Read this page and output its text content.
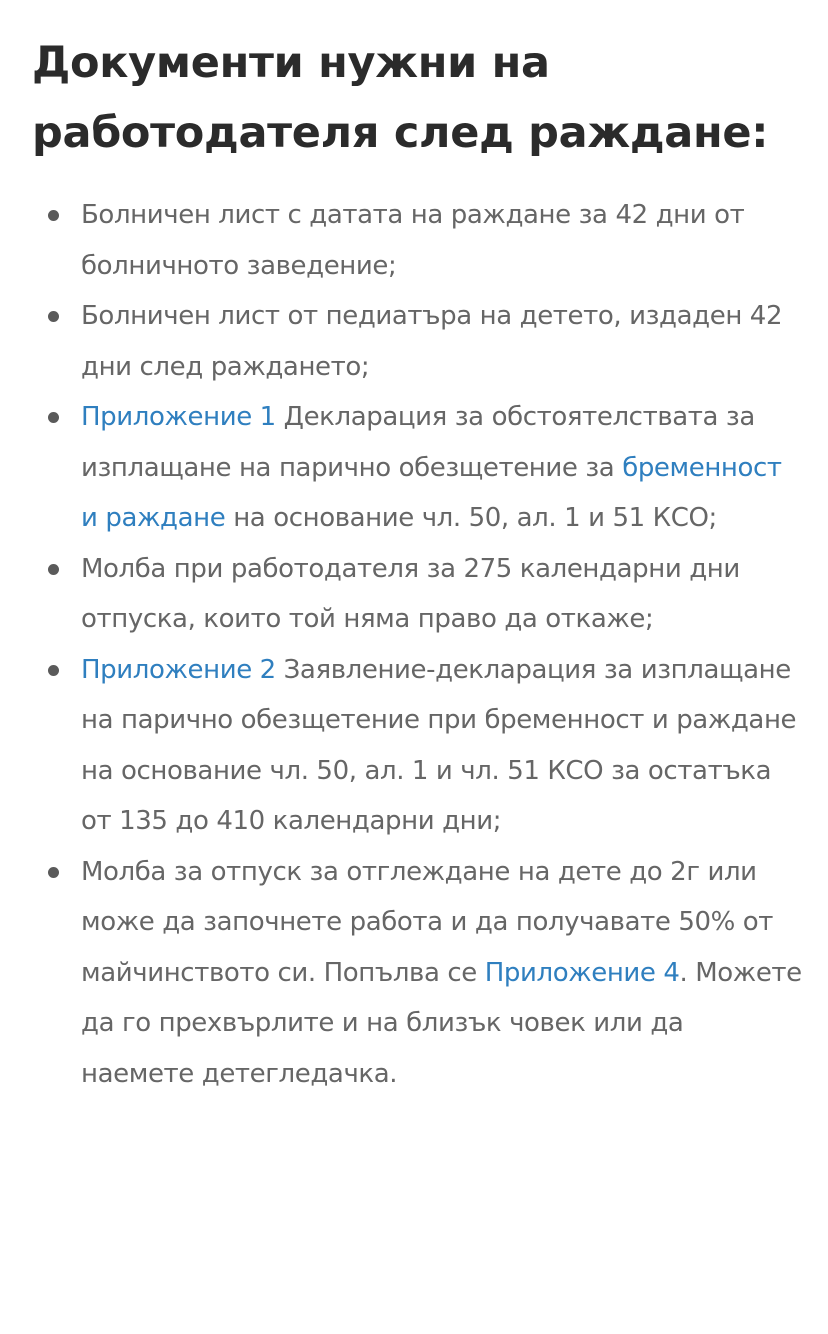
Документи нужни на работодателя след раждане:
Болничен лист с датата на раждане за 42 дни от болничното заведение;
Болничен лист от педиатъра на детето, издаден 42 дни след раждането;
Приложение 1 Декларация за обстоятелствата за изплащане на парично обезщетение за бременност и раждане на основание чл. 50, ал. 1 и 51 КСО;
Молба при работодателя за 275 календарни дни отпуска, които той няма право да откаже;
Приложение 2 Заявление-декларация за изплащане на парично обезщетение при бременност и раждане на основание чл. 50, ал. 1 и чл. 51 КСО за остатъка от 135 до 410 календарни дни;
Молба за отпуск за отглеждане на дете до 2г или може да започнете работа и да получавате 50% от майчинството си. Попълва се Приложение 4. Можете да го прехвърлите и на близък човек или да наемете детегледачка.
